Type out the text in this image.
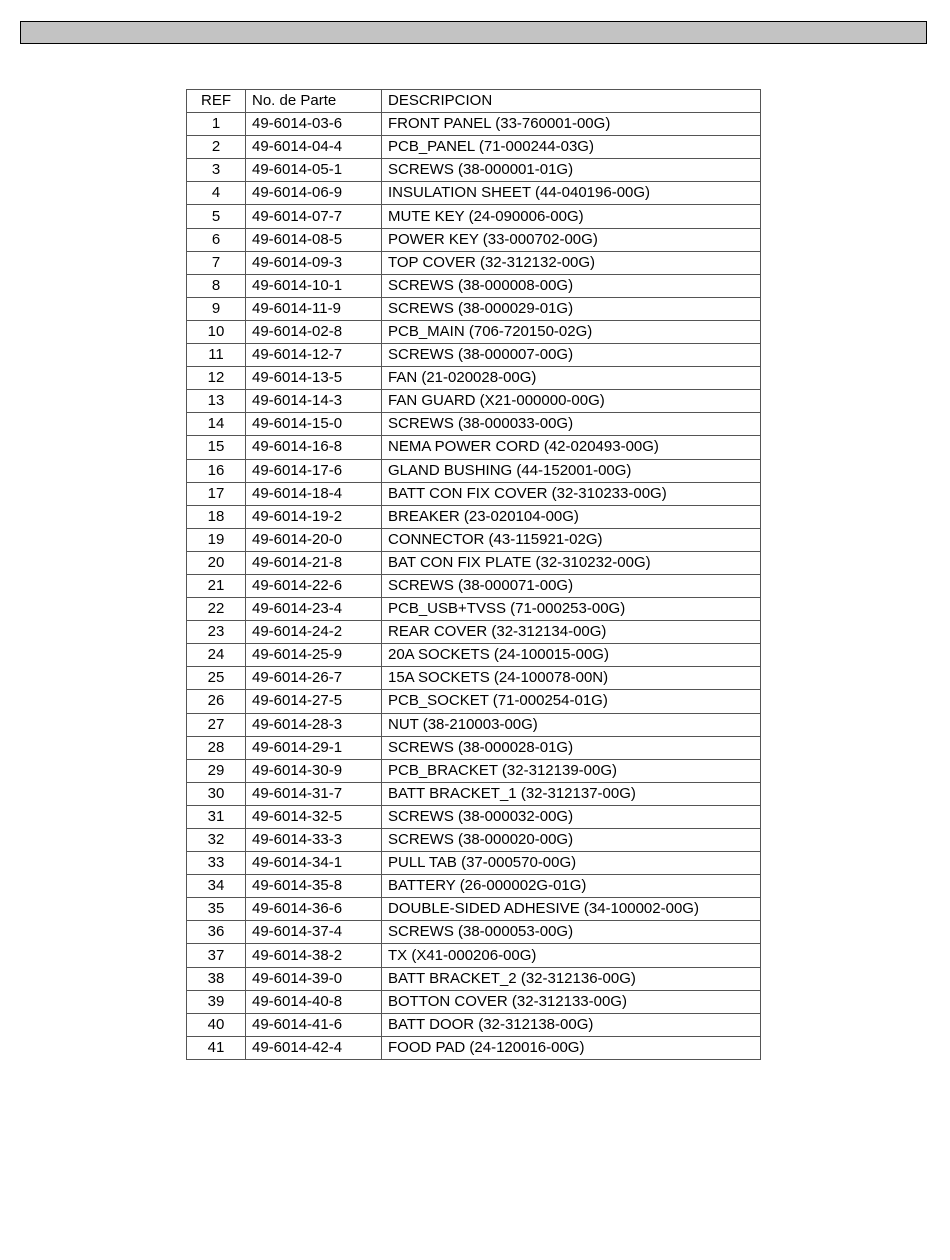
REF	No. de Parte	DESCRIPCION
1	49-6014-03-6	FRONT PANEL (33-760001-00G)
2	49-6014-04-4	PCB_PANEL (71-000244-03G)
3	49-6014-05-1	SCREWS (38-000001-01G)
4	49-6014-06-9	INSULATION SHEET (44-040196-00G)
5	49-6014-07-7	MUTE KEY (24-090006-00G)
6	49-6014-08-5	POWER KEY (33-000702-00G)
7	49-6014-09-3	TOP COVER (32-312132-00G)
8	49-6014-10-1	SCREWS (38-000008-00G)
9	49-6014-11-9	SCREWS (38-000029-01G)
10	49-6014-02-8	PCB_MAIN (706-720150-02G)
11	49-6014-12-7	SCREWS (38-000007-00G)
12	49-6014-13-5	FAN (21-020028-00G)
13	49-6014-14-3	FAN GUARD (X21-000000-00G)
14	49-6014-15-0	SCREWS (38-000033-00G)
15	49-6014-16-8	NEMA POWER CORD (42-020493-00G)
16	49-6014-17-6	GLAND BUSHING (44-152001-00G)
17	49-6014-18-4	BATT CON FIX COVER (32-310233-00G)
18	49-6014-19-2	BREAKER (23-020104-00G)
19	49-6014-20-0	CONNECTOR (43-115921-02G)
20	49-6014-21-8	BAT CON FIX PLATE (32-310232-00G)
21	49-6014-22-6	SCREWS (38-000071-00G)
22	49-6014-23-4	PCB_USB+TVSS (71-000253-00G)
23	49-6014-24-2	REAR COVER (32-312134-00G)
24	49-6014-25-9	20A SOCKETS (24-100015-00G)
25	49-6014-26-7	15A SOCKETS (24-100078-00N)
26	49-6014-27-5	PCB_SOCKET (71-000254-01G)
27	49-6014-28-3	NUT (38-210003-00G)
28	49-6014-29-1	SCREWS (38-000028-01G)
29	49-6014-30-9	PCB_BRACKET (32-312139-00G)
30	49-6014-31-7	BATT BRACKET_1 (32-312137-00G)
31	49-6014-32-5	SCREWS (38-000032-00G)
32	49-6014-33-3	SCREWS (38-000020-00G)
33	49-6014-34-1	PULL TAB (37-000570-00G)
34	49-6014-35-8	BATTERY (26-000002G-01G)
35	49-6014-36-6	DOUBLE-SIDED ADHESIVE (34-100002-00G)
36	49-6014-37-4	SCREWS (38-000053-00G)
37	49-6014-38-2	TX (X41-000206-00G)
38	49-6014-39-0	BATT BRACKET_2 (32-312136-00G)
39	49-6014-40-8	BOTTON COVER (32-312133-00G)
40	49-6014-41-6	BATT DOOR (32-312138-00G)
41	49-6014-42-4	FOOD PAD (24-120016-00G)
